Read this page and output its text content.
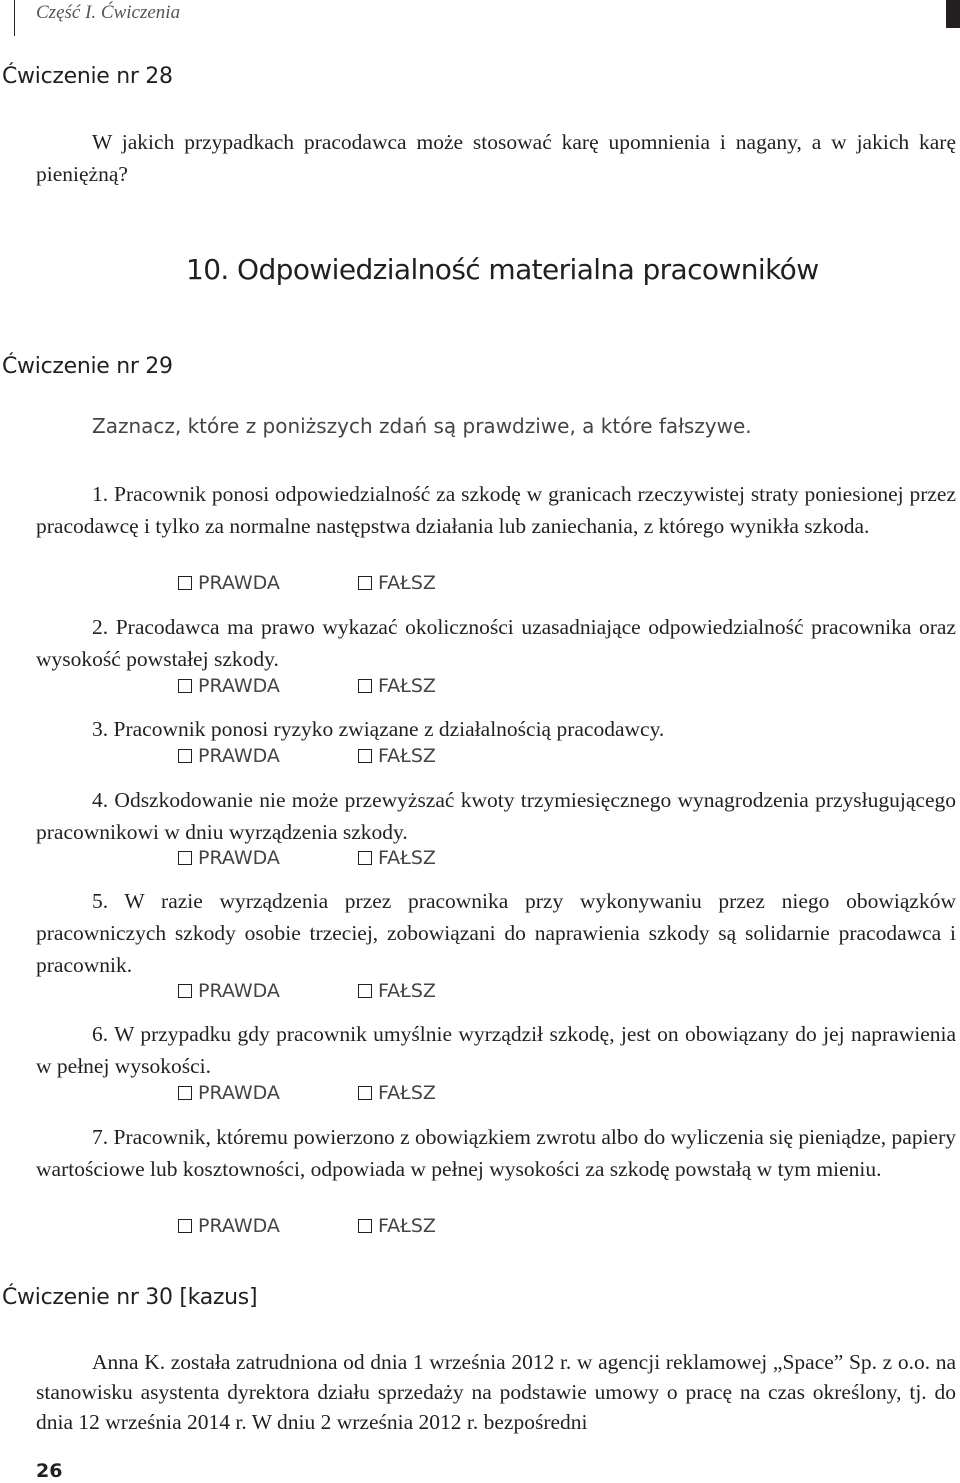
Część I. Ćwiczenia
Ćwiczenie nr 28
W jakich przypadkach pracodawca może stosować karę upomnienia i nagany, a w jakich karę pieniężną?
10. Odpowiedzialność materialna pracowników
Ćwiczenie nr 29
Zaznacz, które z poniższych zdań są prawdziwe, a które fałszywe.
1. Pracownik ponosi odpowiedzialność za szkodę w granicach rzeczywistej straty poniesionej przez pracodawcę i tylko za normalne następstwa działania lub zaniechania, z którego wynikła szkoda.
PRAWDA	FAŁSZ
2. Pracodawca ma prawo wykazać okoliczności uzasadniające odpowiedzialność pracownika oraz wysokość powstałej szkody.
PRAWDA	FAŁSZ
3. Pracownik ponosi ryzyko związane z działalnością pracodawcy.
PRAWDA	FAŁSZ
4. Odszkodowanie nie może przewyższać kwoty trzymiesięcznego wynagrodzenia przysługującego pracownikowi w dniu wyrządzenia szkody.
PRAWDA	FAŁSZ
5. W razie wyrządzenia przez pracownika przy wykonywaniu przez niego obowiązków pracowniczych szkody osobie trzeciej, zobowiązani do naprawienia szkody są solidarnie pracodawca i pracownik.
PRAWDA	FAŁSZ
6. W przypadku gdy pracownik umyślnie wyrządził szkodę, jest on obowiązany do jej naprawienia w pełnej wysokości.
PRAWDA	FAŁSZ
7. Pracownik, któremu powierzono z obowiązkiem zwrotu albo do wyliczenia się pieniądze, papiery wartościowe lub kosztowności, odpowiada w pełnej wysokości za szkodę powstałą w tym mieniu.
PRAWDA	FAŁSZ
Ćwiczenie nr 30 [kazus]
Anna K. została zatrudniona od dnia 1 września 2012 r. w agencji reklamowej „Space” Sp. z o.o. na stanowisku asystenta dyrektora działu sprzedaży na podstawie umowy o pracę na czas określony, tj. do dnia 12 września 2014 r. W dniu 2 września 2012 r. bezpośredni
26
